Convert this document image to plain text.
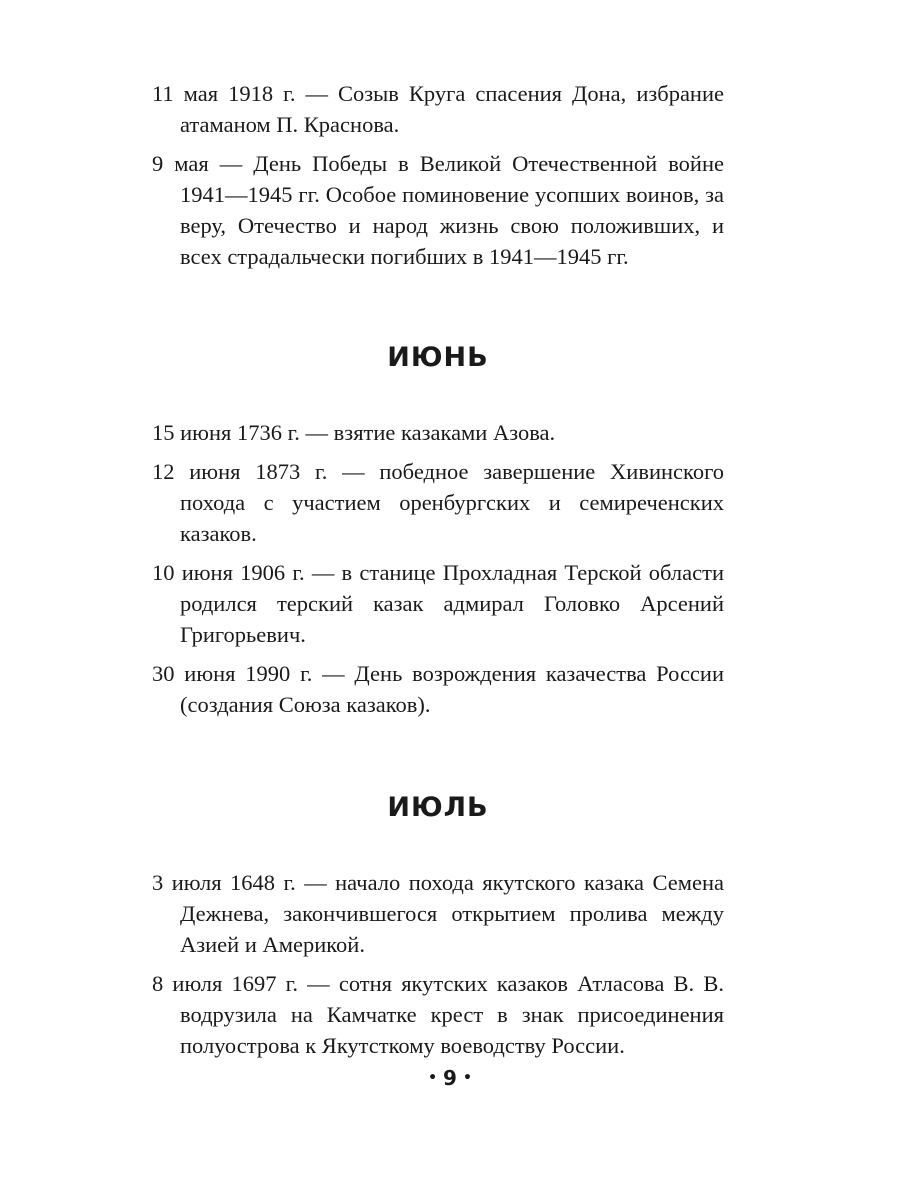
11 мая 1918 г. — Созыв Круга спасения Дона, избрание атаманом П. Краснова.

9 мая — День Победы в Великой Отечественной войне 1941—1945 гг. Особое поминовение усопших воинов, за веру, Отечество и народ жизнь свою положивших, и всех страдальчески погибших в 1941—1945 гг.

ИЮНЬ

15 июня 1736 г. — взятие казаками Азова.

12 июня 1873 г. — победное завершение Хивинского похода с участием оренбургских и семиреченских казаков.

10 июня 1906 г. — в станице Прохладная Терской области родился терский казак адмирал Головко Арсений Григорьевич.

30 июня 1990 г. — День возрождения казачества России (создания Союза казаков).

ИЮЛЬ

3 июля 1648 г. — начало похода якутского казака Семена Дежнева, закончившегося открытием пролива между Азией и Америкой.

8 июля 1697 г. — сотня якутских казаков Атласова В. В. водрузила на Камчатке крест в знак присоединения полуострова к Якутсткому воеводству России.

• 9 •
